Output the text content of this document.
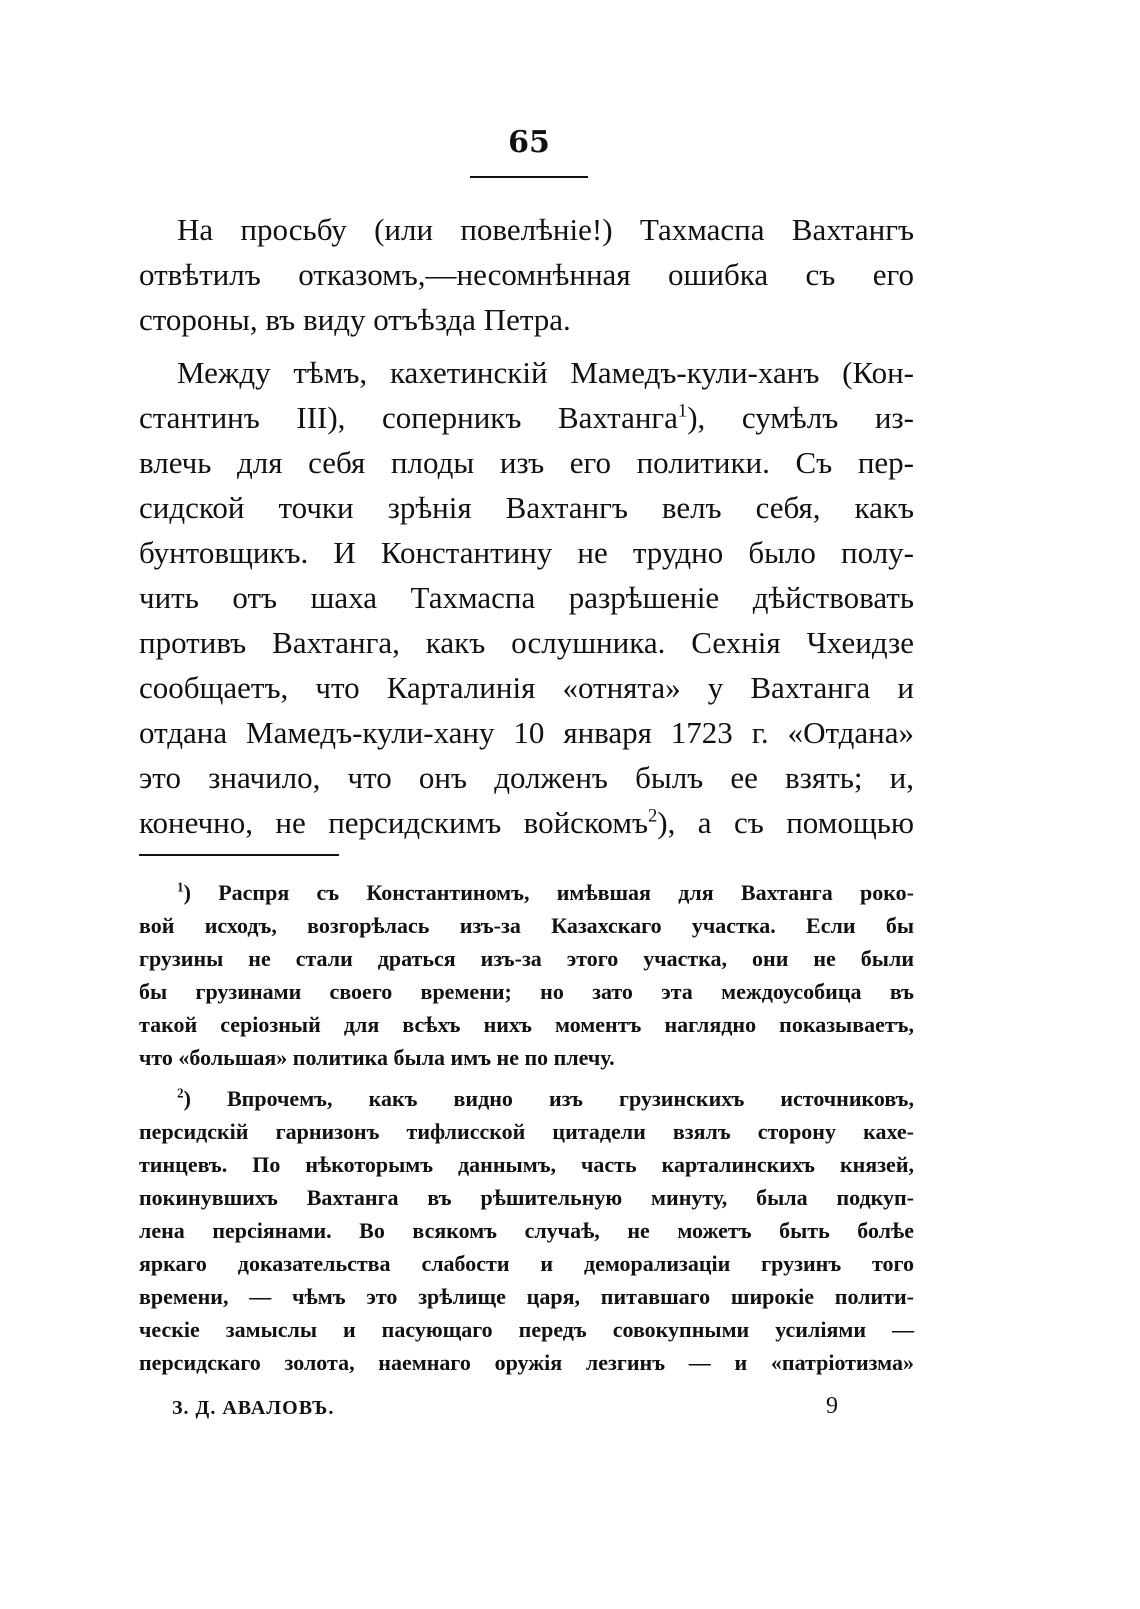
65
На просьбу (или повелѣніе!) Тахмаспа Вахтангъ
отвѣтилъ отказомъ,—несомнѣнная ошибка съ его
стороны, въ виду отъѣзда Петра.
Между тѣмъ, кахетинскій Мамедъ-кули-ханъ (Кон-
стантинъ III), соперникъ Вахтанга$^1$), сумѣлъ из-
влечь для себя плоды изъ его политики. Съ пер-
сидской точки зрѣнія Вахтангъ велъ себя, какъ
бунтовщикъ. И Константину не трудно было полу-
чить отъ шаха Тахмаспа разрѣшеніе дѣйствовать
противъ Вахтанга, какъ ослушника. Сехнія Чхеидзе
сообщаетъ, что Карталинія «отнята» у Вахтанга и
отдана Мамедъ-кули-хану 10 января 1723 г. «Отдана»
это значило, что онъ долженъ былъ ее взять; и,
конечно, не персидскимъ войскомъ$^2$), а съ помощью
$^1$) Распря съ Константиномъ, имѣвшая для Вахтанга роко-
вой исходъ, возгорѣлась изъ-за Казахскаго участка. Если бы
грузины не стали драться изъ-за этого участка, они не были
бы грузинами своего времени; но зато эта междоусобица въ
такой серіозный для всѣхъ нихъ моментъ наглядно показываетъ,
что «большая» политика была имъ не по плечу.
$^2$) Впрочемъ, какъ видно изъ грузинскихъ источниковъ,
персидскій гарнизонъ тифлисской цитадели взялъ сторону кахе-
тинцевъ. По нѣкоторымъ даннымъ, часть карталинскихъ князей,
покинувшихъ Вахтанга въ рѣшительную минуту, была подкуп-
лена персіянами. Во всякомъ случаѣ, не можетъ быть болѣе
яркаго доказательства слабости и деморализаціи грузинъ того
времени, — чѣмъ это зрѣлище царя, питавшаго широкіе полити-
ческіе замыслы и пасующаго передъ совокупными усиліями —
персидскаго золота, наемнаго оружія лезгинъ — и «патріотизма»
З. Д. АВАЛОВЪ.	9
